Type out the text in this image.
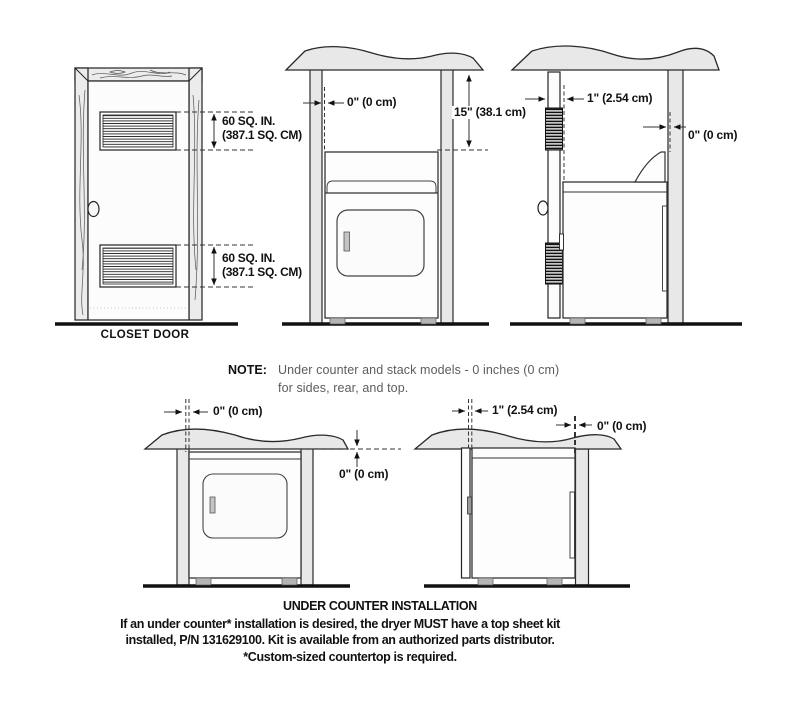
60 SQ. IN.
(387.1 SQ. CM)
60 SQ. IN.
(387.1 SQ. CM)
CLOSET DOOR
0" (0 cm)
15" (38.1 cm)
1" (2.54 cm)
0" (0 cm)
NOTE: Under counter and stack models - 0 inches (0 cm)
for sides, rear, and top.
0" (0 cm)
0" (0 cm)
1" (2.54 cm)
0" (0 cm)
UNDER COUNTER INSTALLATION
If an under counter* installation is desired, the dryer MUST have a top sheet kit
installed, P/N 131629100. Kit is available from an authorized parts distributor.
*Custom-sized countertop is required.
